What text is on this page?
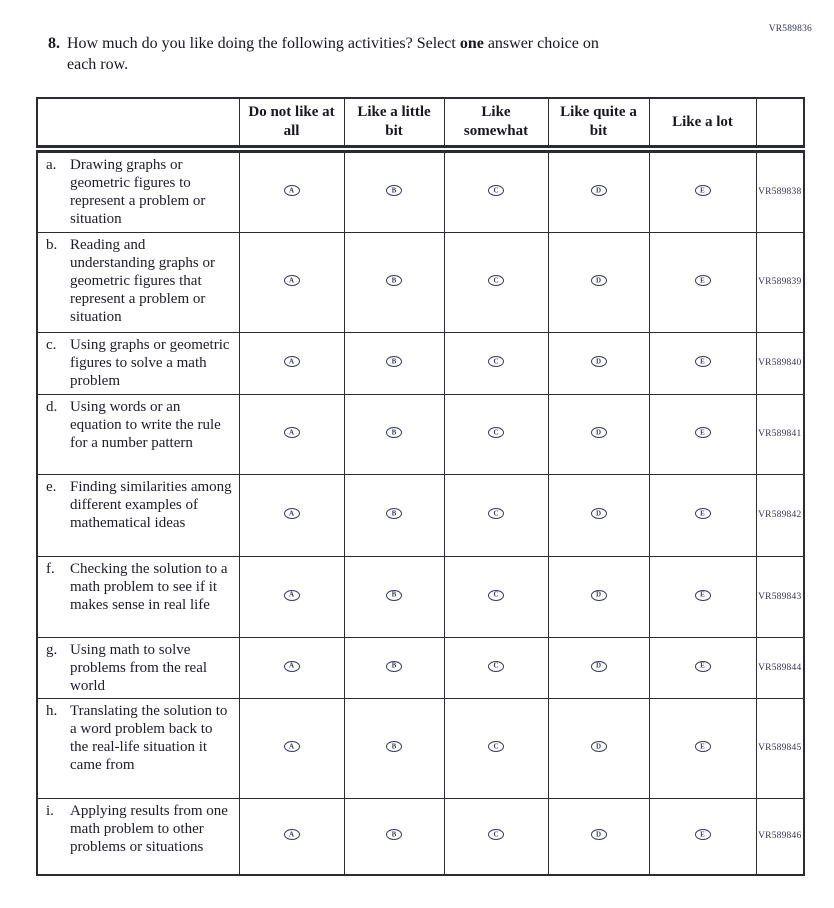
VR589836
8. How much do you like doing the following activities? Select one answer choice on
each row.
	Do not like at all	Like a little bit	Like somewhat	Like quite a bit	Like a lot	

a. Drawing graphs or geometric figures to represent a problem or situation	A	B	C	D	E	VR589838

b. Reading and understanding graphs or geometric figures that represent a problem or situation	A	B	C	D	E	VR589839

c. Using graphs or geometric figures to solve a math problem	A	B	C	D	E	VR589840

d. Using words or an equation to write the rule for a number pattern	A	B	C	D	E	VR589841

e. Finding similarities among different examples of mathematical ideas	A	B	C	D	E	VR589842

f. Checking the solution to a math problem to see if it makes sense in real life	A	B	C	D	E	VR589843

g. Using math to solve problems from the real world	A	B	C	D	E	VR589844

h. Translating the solution to a word problem back to the real-life situation it came from	A	B	C	D	E	VR589845

i. Applying results from one math problem to other problems or situations	A	B	C	D	E	VR589846
